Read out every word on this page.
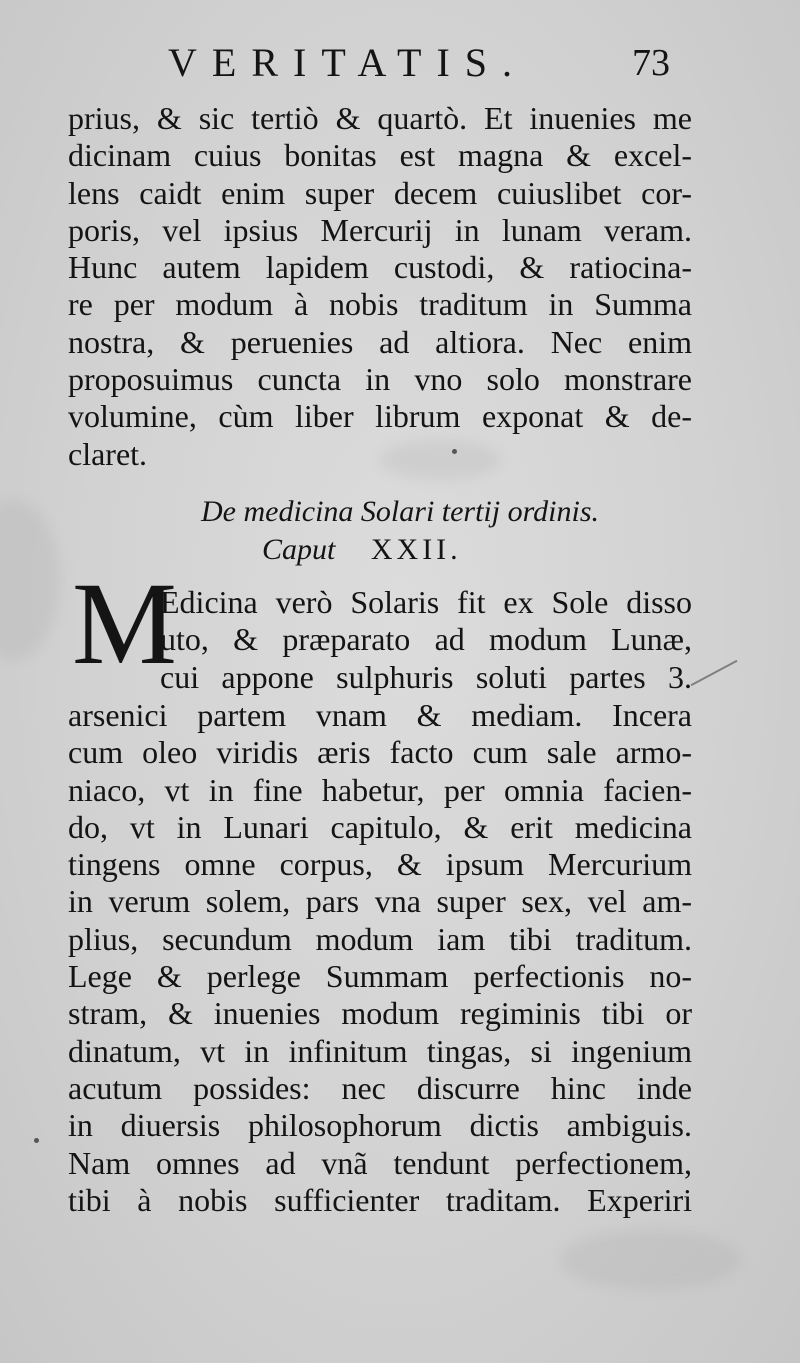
VERITATIS.	73
prius, & sic tertiò & quartò. Et inuenies me
dicinam cuius bonitas est magna & excel-
lens caidt enim super decem cuiuslibet cor-
poris, vel ipsius Mercurij in lunam veram.
Hunc autem lapidem custodi, & ratiocina-
re per modum à nobis traditum in Summa
nostra, & peruenies ad altiora. Nec enim
proposuimus cuncta in vno solo monstrare
volumine, cùm liber librum exponat & de-
claret.
De medicina Solari tertij ordinis.
Caput XXII.
M
Edicina verò Solaris fit ex Sole disso
uto, & præparato ad modum Lunæ,
cui appone sulphuris soluti partes 3.
arsenici partem vnam & mediam. Incera
cum oleo viridis æris facto cum sale armo-
niaco, vt in fine habetur, per omnia facien-
do, vt in Lunari capitulo, & erit medicina
tingens omne corpus, & ipsum Mercurium
in verum solem, pars vna super sex, vel am-
plius, secundum modum iam tibi traditum.
Lege & perlege Summam perfectionis no-
stram, & inuenies modum regiminis tibi or
dinatum, vt in infinitum tingas, si ingenium
acutum possides: nec discurre hinc inde
in diuersis philosophorum dictis ambiguis.
Nam omnes ad vnã tendunt perfectionem,
tibi à nobis sufficienter traditam. Experiri
